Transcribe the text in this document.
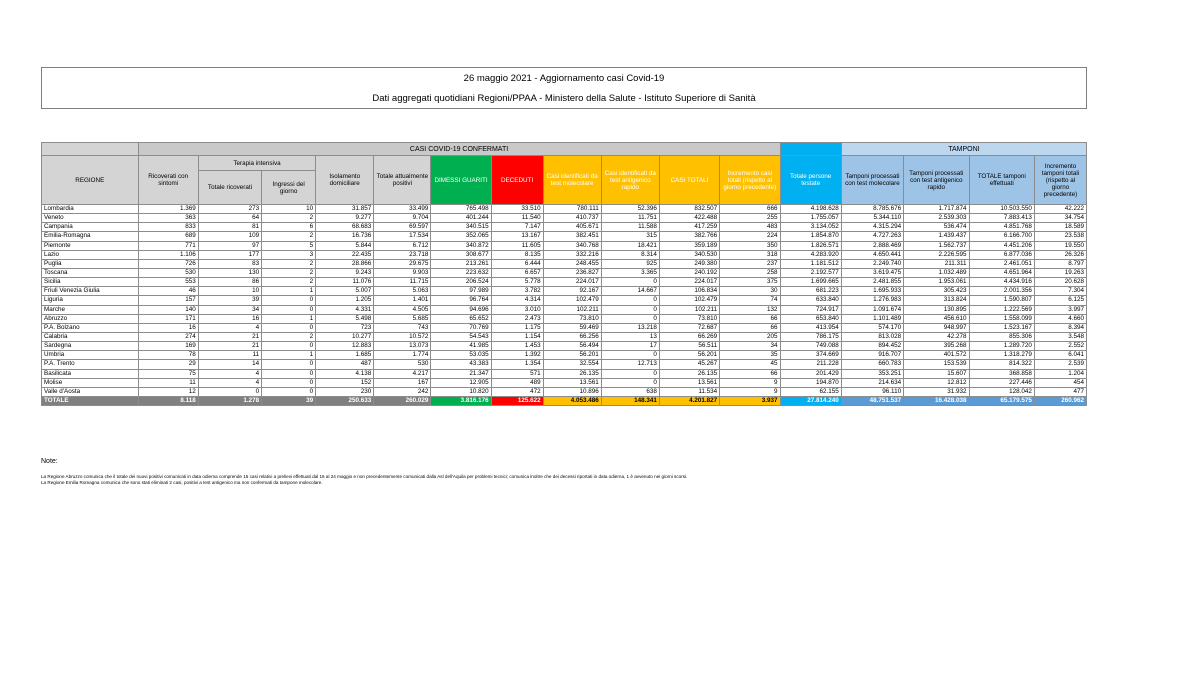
26 maggio 2021 - Aggiornamento casi Covid-19
Dati aggregati quotidiani Regioni/PPAA - Ministero della Salute - Istituto Superiore di Sanità
	CASI COVID-19 CONFERMATI												TAMPONI			
REGIONE	Ricoverati con sintomi	Terapia intensiva		Isolamento domiciliare	Totale attualmente positivi	DIMESSI GUARITI	DECEDUTI	Casi identificati da test molecolare	Casi identificati da test antigenico rapido	CASI TOTALI	Incremento casi totali (rispetto al giorno precedente)	Totale persone testate	Tamponi processati con test molecolare	Tamponi processati con test antigenico rapido	TOTALE tamponi effettuati	Incremento tamponi totali (rispetto al giorno precedente)
		Totale ricoverati	Ingressi del giorno													
Lombardia	1.369	273	10	31.857	33.499	765.498	33.510	780.111	52.396	832.507	666	4.198.628	8.785.676	1.717.874	10.503.550	42.222
Veneto	363	64	2	9.277	9.704	401.244	11.540	410.737	11.751	422.488	255	1.755.057	5.344.110	2.539.303	7.883.413	34.754
Campania	833	81	6	68.683	69.597	340.515	7.147	405.671	11.588	417.259	483	3.134.052	4.315.294	536.474	4.851.768	18.589
Emilia-Romagna	689	109	2	16.736	17.534	352.065	13.167	382.451	315	382.766	224	1.854.870	4.727.263	1.439.437	6.166.700	23.538
Piemonte	771	97	5	5.844	6.712	340.872	11.605	340.768	18.421	359.189	350	1.826.571	2.888.469	1.562.737	4.451.206	19.550
Lazio	1.106	177	3	22.435	23.718	308.677	8.135	332.216	8.314	340.530	318	4.283.920	4.650.441	2.226.595	6.877.036	26.326
Puglia	726	83	2	28.866	29.675	213.261	6.444	248.455	925	249.380	237	1.181.512	2.249.740	211.311	2.461.051	8.797
Toscana	530	130	2	9.243	9.903	223.632	6.657	236.827	3.365	240.192	258	2.192.577	3.619.475	1.032.489	4.651.964	19.263
Sicilia	553	86	2	11.076	11.715	206.524	5.778	224.017	0	224.017	375	1.699.665	2.481.855	1.953.061	4.434.916	20.628
Friuli Venezia Giulia	46	10	1	5.007	5.063	97.989	3.782	92.167	14.667	106.834	30	681.223	1.695.933	305.423	2.001.356	7.304
Liguria	157	39	0	1.205	1.401	96.764	4.314	102.479	0	102.479	74	633.840	1.276.983	313.824	1.590.807	6.125
Marche	140	34	0	4.331	4.505	94.696	3.010	102.211	0	102.211	132	724.917	1.091.674	130.895	1.222.569	3.997
Abruzzo	171	16	1	5.498	5.685	65.652	2.473	73.810	0	73.810	66	653.840	1.101.489	456.610	1.558.099	4.660
P.A. Bolzano	16	4	0	723	743	70.769	1.175	59.469	13.218	72.687	66	413.954	574.170	948.997	1.523.167	8.394
Calabria	274	21	2	10.277	10.572	54.543	1.154	66.256	13	66.269	205	786.175	813.028	42.278	855.306	3.548
Sardegna	169	21	0	12.883	13.073	41.985	1.453	56.494	17	56.511	34	749.088	894.452	395.268	1.289.720	2.552
Umbria	78	11	1	1.685	1.774	53.035	1.392	56.201	0	56.201	35	374.669	916.707	401.572	1.318.279	6.041
P.A. Trento	29	14	0	487	530	43.383	1.354	32.554	12.713	45.267	45	211.228	660.783	153.539	814.322	2.539
Basilicata	75	4	0	4.138	4.217	21.347	571	26.135	0	26.135	66	201.429	353.251	15.607	368.858	1.204
Molise	11	4	0	152	167	12.905	489	13.561	0	13.561	9	194.870	214.634	12.812	227.446	454
Valle d'Aosta	12	0	0	230	242	10.820	472	10.896	638	11.534	9	62.155	96.110	31.932	128.042	477
TOTALE	8.118	1.278	39	250.633	260.029	3.816.176	125.622	4.053.486	148.341	4.201.827	3.937	27.814.240	48.751.537	16.428.038	65.179.575	260.962
Note:
La Regione Abruzzo comunica che il totale dei nuovi positivi comunicati in data odierna comprende 15 casi relativi a prelievi effettuati dal 16 al 24 maggio e non precedentemente comunicati dalla Asl dell'Aquila per problemi tecnici; comunica inoltre che dei decessi riportati in data odierna, 1 è avvenuto nei giorni scorsi.
La Regione Emilia Romagna comunica che sono stati eliminati 2 casi, positivi a test antigenico ma non confermati da tampone molecolare.
